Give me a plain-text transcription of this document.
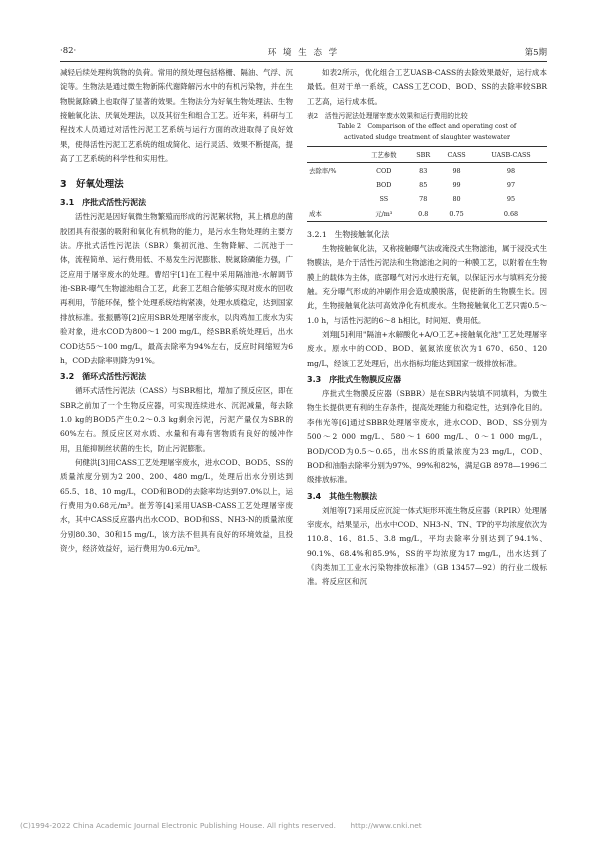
·82·	环 境 生 态 学	第5期

减轻后续处理构筑物的负荷。常用的预处理包括格栅、隔油、气浮、沉淀等。生物法是通过微生物新陈代谢降解污水中的有机污染物，并在生物脱氮除磷上也取得了显著的效果。生物法分为好氧生物处理法、生物接触氧化法、厌氧处理法，以及其衍生和组合工艺。近年来，科研与工程技术人员通过对活性污泥工艺系统与运行方面的改进取得了良好效果，使得活性污泥工艺系统的组成简化、运行灵活、效果不断提高，提高了工艺系统的科学性和实用性。

3　好氧处理法
3.1　序批式活性污泥法

活性污泥是因好氧微生物繁殖而形成的污泥絮状物，其上栖息的菌胶团具有很强的吸附和氧化有机物的能力，是污水生物处理的主要方法。序批式活性污泥法（SBR）集初沉池、生物降解、二沉池于一体，流程简单、运行费用低、不易发生污泥膨胀、脱氮除磷能力强，广泛应用于屠宰废水的处理。曹绍宇[1]在工程中采用隔油池-水解调节池-SBR-曝气生物滤池组合工艺，此套工艺组合能够实现对废水的回收再利用，节能环保，整个处理系统结构紧凑，处理水质稳定，达到国家排放标准。张振鹏等[2]应用SBR处理屠宰废水，以肉鸡加工废水为实验对象，进水COD为800～1 200 mg/L，经SBR系统处理后，出水COD达55～100 mg/L，最高去除率为94%左右，反应时间缩短为6 h，COD去除率则降为91%。

3.2　循环式活性污泥法

循环式活性污泥法（CASS）与SBR相比，增加了预反应区，即在SBR之前加了一个生物反应器，可实现连续进水、沉泥减量，每去除1.0 kg的BOD5产生0.2～0.3 kg剩余污泥，污泥产量仅为SBR的60%左右。预反应区对水质、水量和有毒有害物质有良好的缓冲作用，且能抑制丝状菌的生长，防止污泥膨胀。

何健洪[3]用CASS工艺处理屠宰废水，进水COD、BOD5、SS的质量浓度分别为2 200、200、480 mg/L，处理后出水分别达到65.5、18、10 mg/L，COD和BOD的去除率均达到97.0%以上，运行费用为0.68元/m³。崔芳等[4]采用UASB-CASS工艺处理屠宰废水，其中CASS反应器内出水COD、BOD和SS、NH3-N的质量浓度分别80.30、30和15 mg/L，该方法不但具有良好的环境效益，且投资少，经济效益好，运行费用为0.6元/m³。

如表2所示，优化组合工艺UASB-CASS的去除效果最好，运行成本最低。但对于单一系统，CASS工艺COD、BOD、SS的去除率较SBR工艺高，运行成本低。

表2　活性污泥法处理屠宰废水效果和运行费用的比较
Table 2　Comparison of the effect and operating cost of
activated sludge treatment of slaughter wastewater
	工艺参数	SBR	CASS	UASB-CASS
去除率/%	COD	83	98	98
	BOD	85	99	97
	SS	78	80	95
成本	元/m³	0.8	0.75	0.68
3.2.1　生物接触氧化法

生物接触氧化法，又称接触曝气法或淹没式生物滤池，属于浸没式生物膜法，是介于活性污泥法和生物滤池之间的一种膜工艺，以附着在生物膜上的载体为主体，底部曝气对污水进行充氧，以保证污水与填料充分接触。充分曝气形成的冲刷作用会造成膜脱落，促使新的生物膜生长。因此，生物接触氧化法可高效净化有机废水。生物接触氧化工艺只需0.5～1.0 h，与活性污泥的6～8 h相比，时间短、费用低。

刘翔[5]利用"隔油+水解酸化+A/O工艺+接触氧化池"工艺处理屠宰废水。原水中的COD、BOD、氨氮浓度依次为1 670、650、120 mg/L，经该工艺处理后，出水指标均能达到国家一级排放标准。

3.3　序批式生物膜反应器

序批式生物膜反应器（SBBR）是在SBR内装填不同填料，为微生物生长提供更有利的生存条件，提高处理能力和稳定性，达到净化目的。李伟光等[6]通过SBBR处理屠宰废水，进水COD、BOD、SS分别为500～2 000 mg/L、580～1 600 mg/L、0～1 000 mg/L，BOD/COD为0.5～0.65，出水SS的质量浓度为23 mg/L，COD、BOD和油脂去除率分别为97%、99%和82%，满足GB 8978—1996二级排放标准。

3.4　其他生物膜法

刘旭等[7]采用反应沉淀一体式矩形环流生物反应器（RPIR）处理屠宰废水，结果显示，出水中COD、NH3-N、TN、TP的平均浓度依次为110.8、16、81.5、3.8 mg/L，平均去除率分别达到了94.1%、90.1%、68.4%和85.9%，SS的平均浓度为17 mg/L，出水达到了《肉类加工工业水污染物排放标准》（GB 13457—92）的行业二级标准。将反应区和沉

(C)1994-2022 China Academic Journal Electronic Publishing House. All rights reserved.　　http://www.cnki.net
